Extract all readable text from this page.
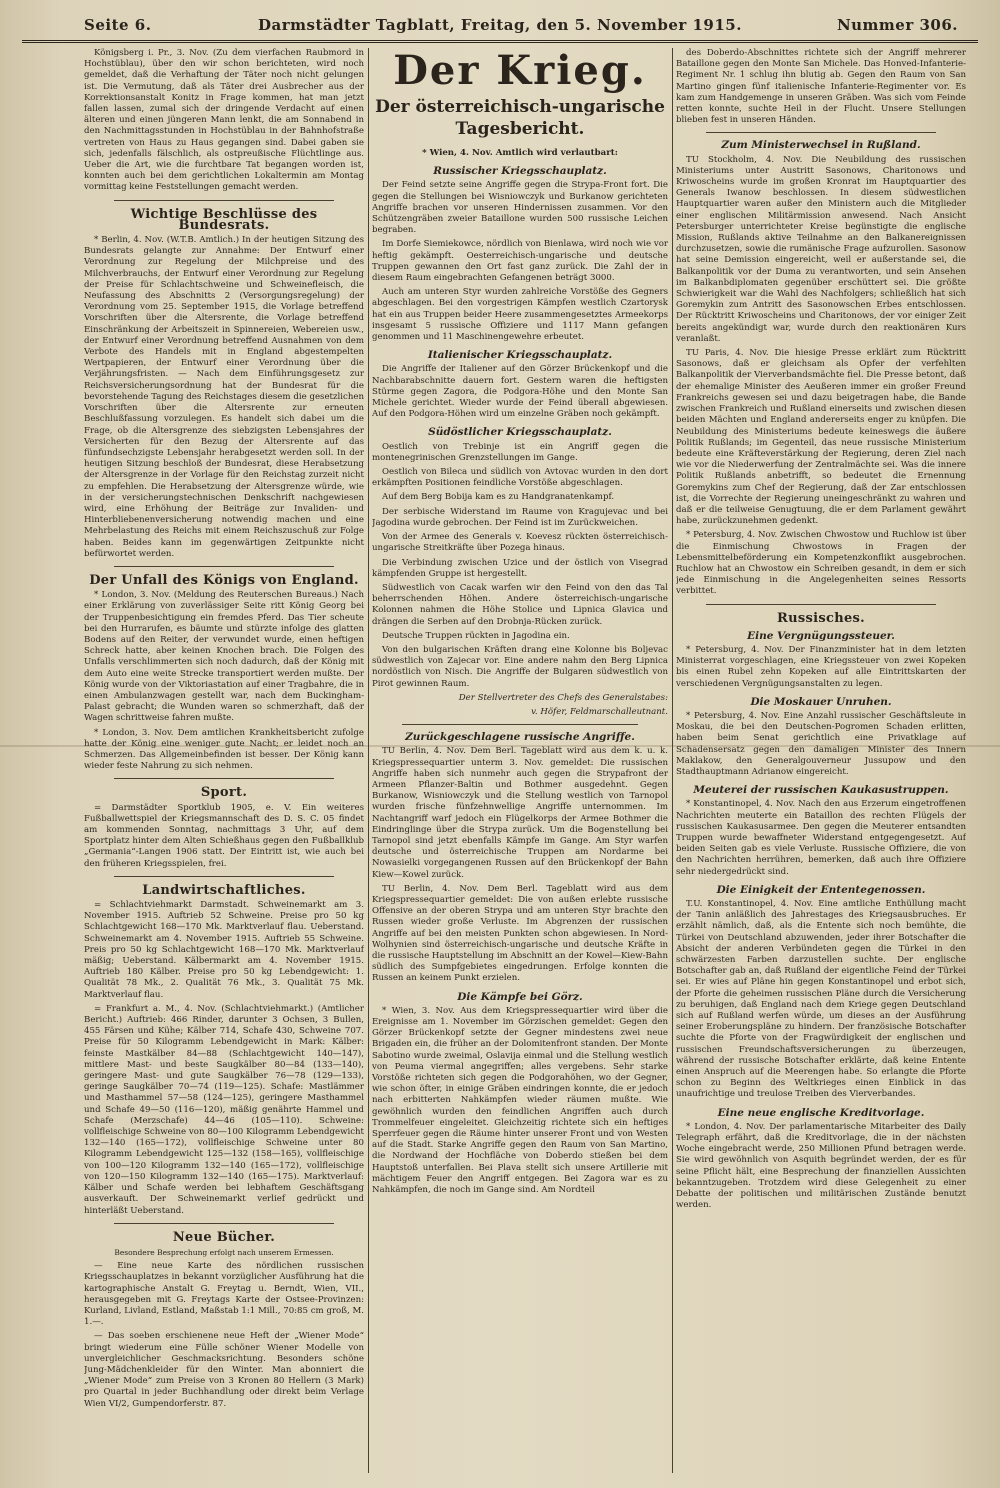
Seite 6.	Darmstädter Tagblatt, Freitag, den 5. November 1915.	Nummer 306.

Königsberg i. Pr., 3. Nov. (Zu dem vierfachen Raubmord in Hochstüblau), über den wir schon berichteten, wird noch gemeldet, daß die Verhaftung der Täter noch nicht gelungen ist. Die Vermutung, daß als Täter drei Ausbrecher aus der Korrektionsanstalt Konitz in Frage kommen, hat man jetzt fallen lassen, zumal sich der dringende Verdacht auf einen älteren und einen jüngeren Mann lenkt, die am Sonnabend in den Nachmittagsstunden in Hochstüblau in der Bahnhofstraße vertreten von Haus zu Haus gegangen sind. Dabei gaben sie sich, jedenfalls fälschlich, als ostpreußische Flüchtlinge aus. Ueber die Art, wie die furchtbare Tat begangen worden ist, konnten auch bei dem gerichtlichen Lokaltermin am Montag vormittag keine Feststellungen gemacht werden.

Wichtige Beschlüsse des Bundesrats.

* Berlin, 4. Nov. (W.T.B. Amtlich.) In der heutigen Sitzung des Bundesrats gelangte zur Annahme: Der Entwurf einer Verordnung zur Regelung der Milchpreise und des Milchverbrauchs, der Entwurf einer Verordnung zur Regelung der Preise für Schlachtschweine und Schweinefleisch, die Neufassung des Abschnitts 2 (Versorgungsregelung) der Verordnung vom 25. September 1915, die Vorlage betreffend Vorschriften über die Altersrente, die Vorlage betreffend Einschränkung der Arbeitszeit in Spinnereien, Webereien usw., der Entwurf einer Verordnung betreffend Ausnahmen von dem Verbote des Handels mit in England abgestempelten Wertpapieren, der Entwurf einer Verordnung über die Verjährungsfristen. — Nach dem Einführungsgesetz zur Reichsversicherungsordnung hat der Bundesrat für die bevorstehende Tagung des Reichstages diesem die gesetzlichen Vorschriften über die Altersrente zur erneuten Beschlußfassung vorzulegen. Es handelt sich dabei um die Frage, ob die Altersgrenze des siebzigsten Lebensjahres der Versicherten für den Bezug der Altersrente auf das fünfundsechzigste Lebensjahr herabgesetzt werden soll. In der heutigen Sitzung beschloß der Bundesrat, diese Herabsetzung der Altersgrenze in der Vorlage für den Reichstag zurzeit nicht zu empfehlen. Die Herabsetzung der Altersgrenze würde, wie in der versicherungstechnischen Denkschrift nachgewiesen wird, eine Erhöhung der Beiträge zur Invaliden- und Hinterbliebenenversicherung notwendig machen und eine Mehrbelastung des Reichs mit einem Reichszuschuß zur Folge haben. Beides kann im gegenwärtigen Zeitpunkte nicht befürwortet werden.

Der Unfall des Königs von England.

* London, 3. Nov. (Meldung des Reuterschen Bureaus.) Nach einer Erklärung von zuverlässiger Seite ritt König Georg bei der Truppenbesichtigung ein fremdes Pferd. Das Tier scheute bei den Hurrarufen, es bäumte und stürzte infolge des glatten Bodens auf den Reiter, der verwundet wurde, einen heftigen Schreck hatte, aber keinen Knochen brach. Die Folgen des Unfalls verschlimmerten sich noch dadurch, daß der König mit dem Auto eine weite Strecke transportiert werden mußte. Der König wurde von der Viktoriastation auf einer Tragbahre, die in einen Ambulanzwagen gestellt war, nach dem Buckingham-Palast gebracht; die Wunden waren so schmerzhaft, daß der Wagen schrittweise fahren mußte.

* London, 3. Nov. Dem amtlichen Krankheitsbericht zufolge hatte der König eine weniger gute Nacht; er leidet noch an Schmerzen. Das Allgemeinbefinden ist besser. Der König kann wieder feste Nahrung zu sich nehmen.

Sport.

= Darmstädter Sportklub 1905, e. V. Ein weiteres Fußballwettspiel der Kriegsmannschaft des D. S. C. 05 findet am kommenden Sonntag, nachmittags 3 Uhr, auf dem Sportplatz hinter dem Alten Schießhaus gegen den Fußballklub „Germania“-Langen 1906 statt. Der Eintritt ist, wie auch bei den früheren Kriegsspielen, frei.

Landwirtschaftliches.

= Schlachtviehmarkt Darmstadt. Schweinemarkt am 3. November 1915. Auftrieb 52 Schweine. Preise pro 50 kg Schlachtgewicht 168—170 Mk. Marktverlauf flau. Ueberstand. Schweinemarkt am 4. November 1915. Auftrieb 55 Schweine. Preis pro 50 kg Schlachtgewicht 168—170 Mk. Marktverlauf mäßig; Ueberstand. Kälbermarkt am 4. November 1915. Auftrieb 180 Kälber. Preise pro 50 kg Lebendgewicht: 1. Qualität 78 Mk., 2. Qualität 76 Mk., 3. Qualität 75 Mk. Marktverlauf flau.

= Frankfurt a. M., 4. Nov. (Schlachtviehmarkt.) (Amtlicher Bericht.) Auftrieb: 466 Rinder, darunter 3 Ochsen, 3 Bullen, 455 Färsen und Kühe; Kälber 714, Schafe 430, Schweine 707. Preise für 50 Kilogramm Lebendgewicht in Mark: Kälber: feinste Mastkälber 84—88 (Schlachtgewicht 140—147), mittlere Mast- und beste Saugkälber 80—84 (133—140), geringere Mast- und gute Saugkälber 76—78 (129—133), geringe Saugkälber 70—74 (119—125). Schafe: Mastlämmer und Masthammel 57—58 (124—125), geringere Masthammel und Schafe 49—50 (116—120), mäßig genährte Hammel und Schafe (Merzschafe) 44—46 (105—110). Schweine: vollfleischige Schweine von 80—100 Kilogramm Lebendgewicht 132—140 (165—172), vollfleischige Schweine unter 80 Kilogramm Lebendgewicht 125—132 (158—165), vollfleischige von 100—120 Kilogramm 132—140 (165—172), vollfleischige von 120—150 Kilogramm 132—140 (165—175). Marktverlauf: Kälber und Schafe werden bei lebhaftem Geschäftsgang ausverkauft. Der Schweinemarkt verlief gedrückt und hinterläßt Ueberstand.

Neue Bücher.

Besondere Besprechung erfolgt nach unserem Ermessen.

— Eine neue Karte des nördlichen russischen Kriegsschauplatzes in bekannt vorzüglicher Ausführung hat die kartographische Anstalt G. Freytag u. Berndt, Wien, VII., herausgegeben mit G. Freytags Karte der Ostsee-Provinzen: Kurland, Livland, Estland, Maßstab 1:1 Mill., 70:85 cm groß, M. 1.—.

— Das soeben erschienene neue Heft der „Wiener Mode“ bringt wiederum eine Fülle schöner Wiener Modelle von unvergleichlicher Geschmacksrichtung. Besonders schöne Jung-Mädchenkleider für den Winter. Man abonniert die „Wiener Mode“ zum Preise von 3 Kronen 80 Hellern (3 Mark) pro Quartal in jeder Buchhandlung oder direkt beim Verlage Wien VI/2, Gumpendorferstr. 87.

Der Krieg.
Der österreichisch-ungarische Tagesbericht.

* Wien, 4. Nov. Amtlich wird verlautbart:

Russischer Kriegsschauplatz.

Der Feind setzte seine Angriffe gegen die Strypa-Front fort. Die gegen die Stellungen bei Wisniowczyk und Burkanow gerichteten Angriffe brachen vor unseren Hindernissen zusammen. Vor den Schützengräben zweier Bataillone wurden 500 russische Leichen begraben.

Im Dorfe Siemiekowce, nördlich von Bienlawa, wird noch wie vor heftig gekämpft. Oesterreichisch-ungarische und deutsche Truppen gewannen den Ort fast ganz zurück. Die Zahl der in diesem Raum eingebrachten Gefangenen beträgt 3000.

Auch am unteren Styr wurden zahlreiche Vorstöße des Gegners abgeschlagen. Bei den vorgestrigen Kämpfen westlich Czartorysk hat ein aus Truppen beider Heere zusammengesetztes Armeekorps insgesamt 5 russische Offiziere und 1117 Mann gefangen genommen und 11 Maschinengewehre erbeutet.

Italienischer Kriegsschauplatz.

Die Angriffe der Italiener auf den Görzer Brückenkopf und die Nachbarabschnitte dauern fort. Gestern waren die heftigsten Stürme gegen Zagora, die Podgora-Höhe und den Monte San Michele gerichtet. Wieder wurde der Feind überall abgewiesen. Auf den Podgora-Höhen wird um einzelne Gräben noch gekämpft.

Südöstlicher Kriegsschauplatz.

Oestlich von Trebinje ist ein Angriff gegen die montenegrinischen Grenzstellungen im Gange.

Oestlich von Bileca und südlich von Avtovac wurden in den dort erkämpften Positionen feindliche Vorstöße abgeschlagen.

Auf dem Berg Bobija kam es zu Handgranatenkampf.

Der serbische Widerstand im Raume von Kragujevac und bei Jagodina wurde gebrochen. Der Feind ist im Zurückweichen.

Von der Armee des Generals v. Koevesz rückten österreichisch-ungarische Streitkräfte über Pozega hinaus.

Die Verbindung zwischen Uzice und der östlich von Visegrad kämpfenden Gruppe ist hergestellt.

Südwestlich von Cacak warfen wir den Feind von den das Tal beherrschenden Höhen. Andere österreichisch-ungarische Kolonnen nahmen die Höhe Stolice und Lipnica Glavica und drängen die Serben auf den Drobnja-Rücken zurück.

Deutsche Truppen rückten in Jagodina ein.

Von den bulgarischen Kräften drang eine Kolonne bis Boljevac südwestlich von Zajecar vor. Eine andere nahm den Berg Lipnica nordöstlich von Nisch. Die Angriffe der Bulgaren südwestlich von Pirot gewinnen Raum.

Der Stellvertreter des Chefs des Generalstabes:

v. Höfer, Feldmarschalleutnant.

Zurückgeschlagene russische Angriffe.

TU Berlin, 4. Nov. Dem Berl. Tageblatt wird aus dem k. u. k. Kriegspressequartier unterm 3. Nov. gemeldet: Die russischen Angriffe haben sich nunmehr auch gegen die Strypafront der Armeen Pflanzer-Baltin und Bothmer ausgedehnt. Gegen Burkanow, Wisniowczyk und die Stellung westlich von Tarnopol wurden frische fünfzehnwellige Angriffe unternommen. Im Nachtangriff warf jedoch ein Flügelkorps der Armee Bothmer die Eindringlinge über die Strypa zurück. Um die Bogenstellung bei Tarnopol sind jetzt ebenfalls Kämpfe im Gange. Am Styr warfen deutsche und österreichische Truppen am Nordarme bei Nowasielki vorgegangenen Russen auf den Brückenkopf der Bahn Kiew—Kowel zurück.

TU Berlin, 4. Nov. Dem Berl. Tageblatt wird aus dem Kriegspressequartier gemeldet: Die von außen erlebte russische Offensive an der oberen Strypa und am unteren Styr brachte den Russen wieder große Verluste. Im Abgrenzen der russischen Angriffe auf bei den meisten Punkten schon abgewiesen. In Nord-Wolhynien sind österreichisch-ungarische und deutsche Kräfte in die russische Hauptstellung im Abschnitt an der Kowel—Kiew-Bahn südlich des Sumpfgebietes eingedrungen. Erfolge konnten die Russen an keinem Punkt erzielen.

Die Kämpfe bei Görz.

* Wien, 3. Nov. Aus dem Kriegspressequartier wird über die Ereignisse am 1. November im Görzischen gemeldet: Gegen den Görzer Brückenkopf setzte der Gegner mindestens zwei neue Brigaden ein, die früher an der Dolomitenfront standen. Der Monte Sabotino wurde zweimal, Oslavija einmal und die Stellung westlich von Peuma viermal angegriffen; alles vergebens. Sehr starke Vorstöße richteten sich gegen die Podgorahöhen, wo der Gegner, wie schon öfter, in einige Gräben eindringen konnte, die er jedoch nach erbitterten Nahkämpfen wieder räumen mußte. Wie gewöhnlich wurden den feindlichen Angriffen auch durch Trommelfeuer eingeleitet. Gleichzeitig richtete sich ein heftiges Sperrfeuer gegen die Räume hinter unserer Front und von Westen auf die Stadt. Starke Angriffe gegen den Raum von San Martino, die Nordwand der Hochfläche von Doberdo stießen bei dem Hauptstoß unterfallen. Bei Plava stellt sich unsere Artillerie mit mächtigem Feuer den Angriff entgegen. Bei Zagora war es zu Nahkämpfen, die noch im Gange sind. Am Nordteil

des Doberdo-Abschnittes richtete sich der Angriff mehrerer Bataillone gegen den Monte San Michele. Das Honved-Infanterie-Regiment Nr. 1 schlug ihn blutig ab. Gegen den Raum von San Martino gingen fünf italienische Infanterie-Regimenter vor. Es kam zum Handgemenge in unseren Gräben. Was sich vom Feinde retten konnte, suchte Heil in der Flucht. Unsere Stellungen blieben fest in unseren Händen.

Zum Ministerwechsel in Rußland.

TU Stockholm, 4. Nov. Die Neubildung des russischen Ministeriums unter Austritt Sasonows, Charitonows und Kriwoscheins wurde im großen Kronrat im Hauptquartier des Generals Iwanow beschlossen. In diesem südwestlichen Hauptquartier waren außer den Ministern auch die Mitglieder einer englischen Militärmission anwesend. Nach Ansicht Petersburger unterrichteter Kreise begünstigte die englische Mission, Rußlands aktive Teilnahme an den Balkanereignissen durchzusetzen, sowie die rumänische Frage aufzurollen. Sasonow hat seine Demission eingereicht, weil er außerstande sei, die Balkanpolitik vor der Duma zu verantworten, und sein Ansehen im Balkanbdiplomaten gegenüber erschüttert sei. Die größte Schwierigkeit war die Wahl des Nachfolgers; schließlich hat sich Goremykin zum Antritt des Sasonowschen Erbes entschlossen. Der Rücktritt Kriwoscheins und Charitonows, der vor einiger Zeit bereits angekündigt war, wurde durch den reaktionären Kurs veranlaßt.

TU Paris, 4. Nov. Die hiesige Presse erklärt zum Rücktritt Sasonows, daß er gleichsam als Opfer der verfehlten Balkanpolitik der Vierverbandsmächte fiel. Die Presse betont, daß der ehemalige Minister des Aeußeren immer ein großer Freund Frankreichs gewesen sei und dazu beigetragen habe, die Bande zwischen Frankreich und Rußland einerseits und zwischen diesen beiden Mächten und England andererseits enger zu knüpfen. Die Neubildung des Ministeriums bedeute keineswegs die äußere Politik Rußlands; im Gegenteil, das neue russische Ministerium bedeute eine Kräfteverstärkung der Regierung, deren Ziel nach wie vor die Niederwerfung der Zentralmächte sei. Was die innere Politik Rußlands anbetrifft, so bedeutet die Ernennung Goremykins zum Chef der Regierung, daß der Zar entschlossen ist, die Vorrechte der Regierung uneingeschränkt zu wahren und daß er die teilweise Genugtuung, die er dem Parlament gewährt habe, zurückzunehmen gedenkt.

* Petersburg, 4. Nov. Zwischen Chwostow und Ruchlow ist über die Einmischung Chwostows in Fragen der Lebensmittelbeförderung ein Kompetenzkonflikt ausgebrochen. Ruchlow hat an Chwostow ein Schreiben gesandt, in dem er sich jede Einmischung in die Angelegenheiten seines Ressorts verbittet.

Russisches.
Eine Vergnügungssteuer.

* Petersburg, 4. Nov. Der Finanzminister hat in dem letzten Ministerrat vorgeschlagen, eine Kriegssteuer von zwei Kopeken bis einen Rubel zehn Kopeken auf alle Eintrittskarten der verschiedenen Vergnügungsanstalten zu legen.

Die Moskauer Unruhen.

* Petersburg, 4. Nov. Eine Anzahl russischer Geschäftsleute in Moskau, die bei den Deutschen-Pogromen Schaden erlitten, haben beim Senat gerichtlich eine Privatklage auf Schadensersatz gegen den damaligen Minister des Innern Maklakow, den Generalgouverneur Jussupow und den Stadthauptmann Adrianow eingereicht.

Meuterei der russischen Kaukasustruppen.

* Konstantinopel, 4. Nov. Nach den aus Erzerum eingetroffenen Nachrichten meuterte ein Bataillon des rechten Flügels der russischen Kaukasusarmee. Den gegen die Meuterer entsandten Truppen wurde bewaffneter Widerstand entgegengesetzt. Auf beiden Seiten gab es viele Verluste. Russische Offiziere, die von den Nachrichten herrühren, bemerken, daß auch ihre Offiziere sehr niedergedrückt sind.

Die Einigkeit der Ententegenossen.

T.U. Konstantinopel, 4. Nov. Eine amtliche Enthüllung macht der Tanin anläßlich des Jahrestages des Kriegsausbruches. Er erzählt nämlich, daß, als die Entente sich noch bemühte, die Türkei von Deutschland abzuwenden, jeder ihrer Botschafter die Absicht der anderen Verbündeten gegen die Türkei in den schwärzesten Farben darzustellen suchte. Der englische Botschafter gab an, daß Rußland der eigentliche Feind der Türkei sei. Er wies auf Pläne hin gegen Konstantinopel und erbot sich, der Pforte die geheimen russischen Pläne durch die Versicherung zu beruhigen, daß England nach dem Kriege gegen Deutschland sich auf Rußland werfen würde, um dieses an der Ausführung seiner Eroberungspläne zu hindern. Der französische Botschafter suchte die Pforte von der Fragwürdigkeit der englischen und russischen Freundschaftsversicherungen zu überzeugen, während der russische Botschafter erklärte, daß keine Entente einen Anspruch auf die Meerengen habe. So erlangte die Pforte schon zu Beginn des Weltkrieges einen Einblick in das unaufrichtige und treulose Treiben des Vierverbandes.

Eine neue englische Kreditvorlage.

* London, 4. Nov. Der parlamentarische Mitarbeiter des Daily Telegraph erfährt, daß die Kreditvorlage, die in der nächsten Woche eingebracht werde, 250 Millionen Pfund betragen werde. Sie wird gewöhnlich von Asquith begründet werden, der es für seine Pflicht hält, eine Besprechung der finanziellen Aussichten bekanntzugeben. Trotzdem wird diese Gelegenheit zu einer Debatte der politischen und militärischen Zustände benutzt werden.
